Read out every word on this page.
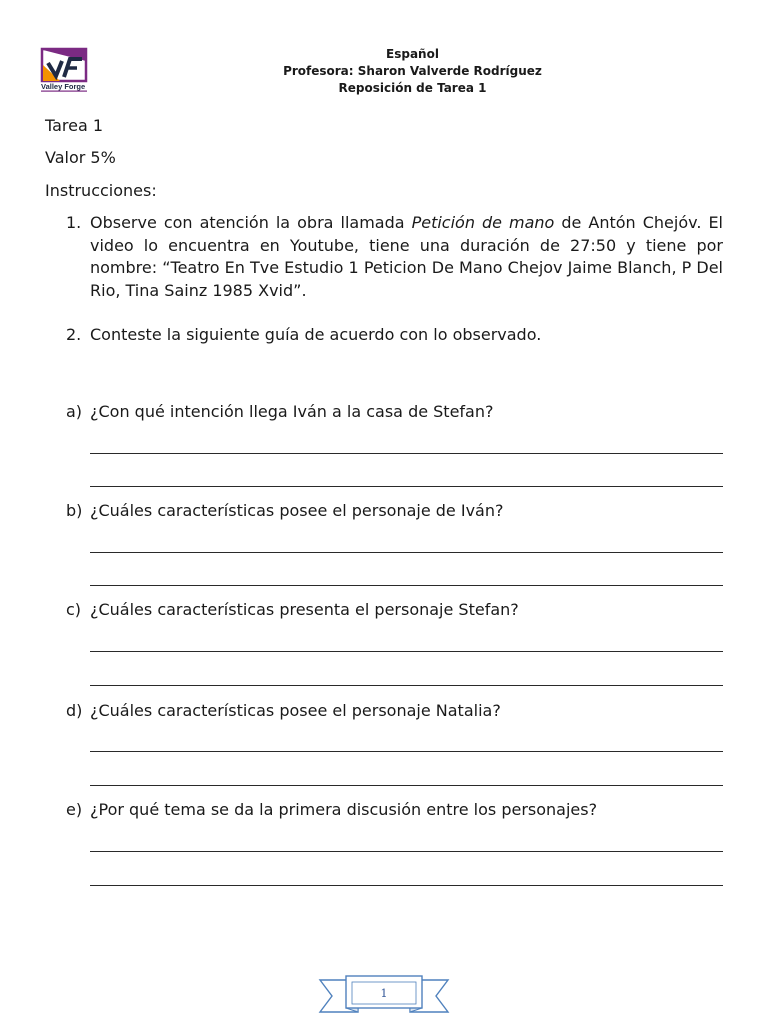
Valley Forge
Español
Profesora: Sharon Valverde Rodríguez
Reposición de Tarea 1
Tarea 1
Valor 5%
Instrucciones:
1. Observe con atención la obra llamada Petición de mano de Antón Chejóv. El video lo encuentra en Youtube, tiene una duración de 27:50 y tiene por nombre: “Teatro En Tve Estudio 1 Peticion De Mano Chejov Jaime Blanch, P Del Rio, Tina Sainz 1985 Xvid”.
2. Conteste la siguiente guía de acuerdo con lo observado.
a) ¿Con qué intención llega Iván a la casa de Stefan?
b) ¿Cuáles características posee el personaje de Iván?
c) ¿Cuáles características presenta el personaje Stefan?
d) ¿Cuáles características posee el personaje Natalia?
e) ¿Por qué tema se da la primera discusión entre los personajes?
1
